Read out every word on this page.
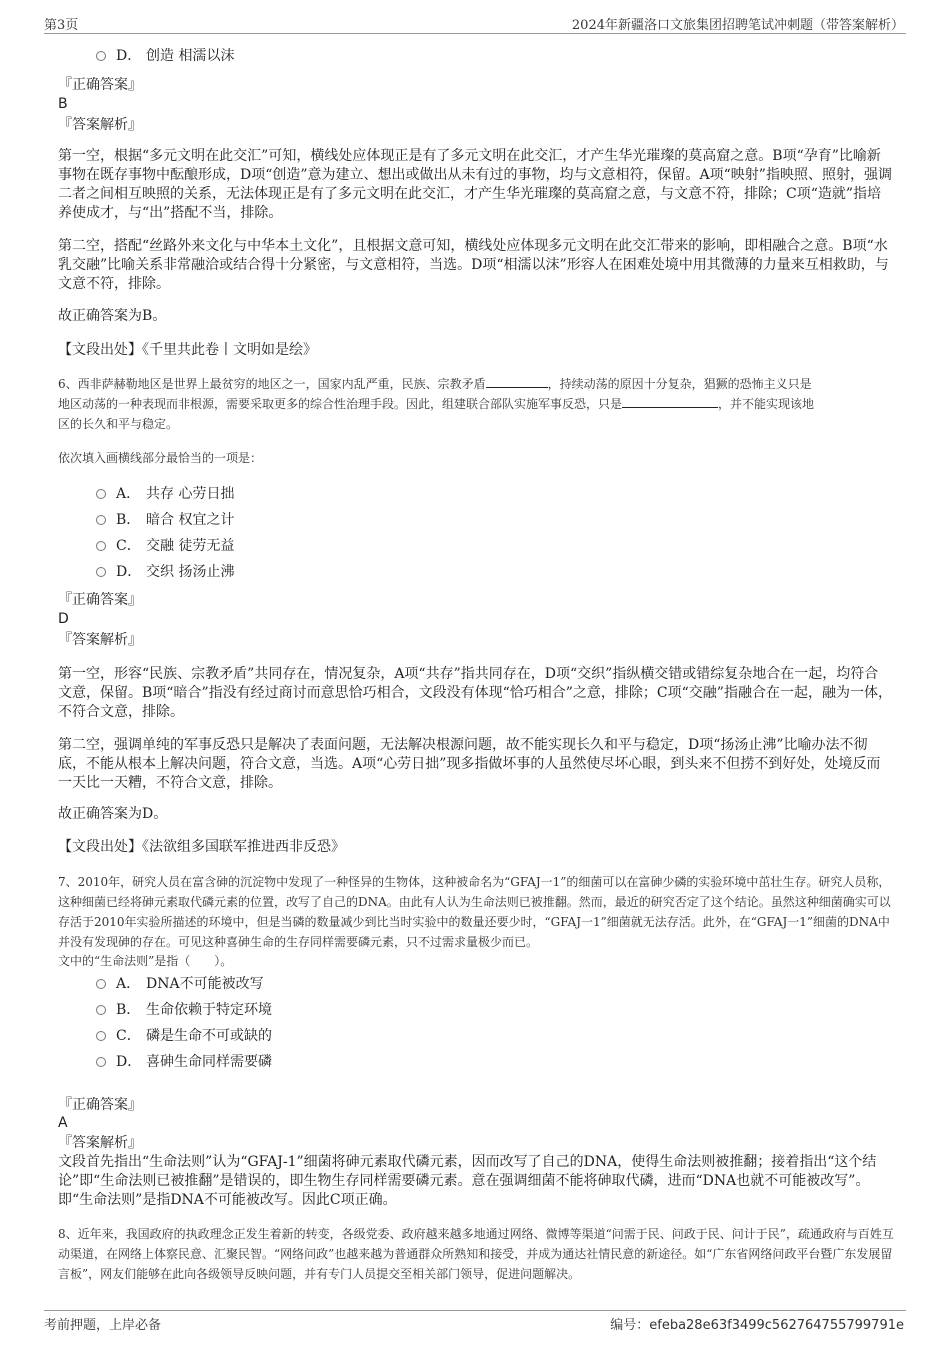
第3页	2024年新疆洛口文旅集团招聘笔试冲刺题（带答案解析）
D． 创造 相濡以沫
『正确答案』
B
『答案解析』
第一空，根据“多元文明在此交汇”可知，横线处应体现正是有了多元文明在此交汇，才产生华光璀璨的莫高窟之意。B项“孕育”比喻新事物在既存事物中酝酿形成，D项“创造”意为建立、想出或做出从未有过的事物，均与文意相符，保留。A项“映射”指映照、照射，强调二者之间相互映照的关系，无法体现正是有了多元文明在此交汇，才产生华光璀璨的莫高窟之意，与文意不符，排除；C项“造就”指培养使成才，与“出”搭配不当，排除。
第二空，搭配“丝路外来文化与中华本土文化”，且根据文意可知，横线处应体现多元文明在此交汇带来的影响，即相融合之意。B项“水乳交融”比喻关系非常融洽或结合得十分紧密，与文意相符，当选。D项“相濡以沫”形容人在困难处境中用其微薄的力量来互相救助，与文意不符，排除。
故正确答案为B。
【文段出处】《千里共此卷丨文明如是绘》
6、西非萨赫勒地区是世界上最贫穷的地区之一，国家内乱严重，民族、宗教矛盾	，持续动荡的原因十分复杂，猖獗的恐怖主义只是
地区动荡的一种表现而非根源，需要采取更多的综合性治理手段。因此，组建联合部队实施军事反恐，只是	，并不能实现该地
区的长久和平与稳定。
依次填入画横线部分最恰当的一项是：
A． 共存 心劳日拙
B． 暗合 权宜之计
C． 交融 徒劳无益
D． 交织 扬汤止沸
『正确答案』
D
『答案解析』
第一空，形容“民族、宗教矛盾”共同存在，情况复杂，A项“共存”指共同存在，D项“交织”指纵横交错或错综复杂地合在一起，均符合文意，保留。B项“暗合”指没有经过商讨而意思恰巧相合，文段没有体现“恰巧相合”之意，排除；C项“交融”指融合在一起，融为一体，不符合文意，排除。
第二空，强调单纯的军事反恐只是解决了表面问题，无法解决根源问题，故不能实现长久和平与稳定，D项“扬汤止沸”比喻办法不彻底，不能从根本上解决问题，符合文意，当选。A项“心劳日拙”现多指做坏事的人虽然使尽坏心眼，到头来不但捞不到好处，处境反而一天比一天糟，不符合文意，排除。
故正确答案为D。
【文段出处】《法欲组多国联军推进西非反恐》
7、2010年，研究人员在富含砷的沉淀物中发现了一种怪异的生物体，这种被命名为“GFAJ一1”的细菌可以在富砷少磷的实验环境中茁壮生存。研究人员称，这种细菌已经将砷元素取代磷元素的位置，改写了自己的DNA。由此有人认为生命法则已被推翻。然而，最近的研究否定了这个结论。虽然这种细菌确实可以存活于2010年实验所描述的环境中，但是当磷的数量减少到比当时实验中的数量还要少时，“GFAJ一1”细菌就无法存活。此外，在“GFAJ一1”细菌的DNA中并没有发现砷的存在。可见这种喜砷生命的生存同样需要磷元素，只不过需求量极少而已。
文中的“生命法则”是指（　　）。
A． DNA不可能被改写
B． 生命依赖于特定环境
C． 磷是生命不可或缺的
D． 喜砷生命同样需要磷
『正确答案』
A
『答案解析』
文段首先指出“生命法则”认为“GFAJ-1”细菌将砷元素取代磷元素，因而改写了自己的DNA，使得生命法则被推翻；接着指出“这个结论”即“生命法则已被推翻”是错误的，即生物生存同样需要磷元素。意在强调细菌不能将砷取代磷，进而“DNA也就不可能被改写”。即“生命法则”是指DNA不可能被改写。因此C项正确。
8、近年来，我国政府的执政理念正发生着新的转变，各级党委、政府越来越多地通过网络、微博等渠道“问需于民、问政于民、问计于民”，疏通政府与百姓互动渠道，在网络上体察民意、汇聚民智。“网络问政”也越来越为普通群众所熟知和接受，并成为通达社情民意的新途径。如“广东省网络问政平台暨广东发展留言板”，网友们能够在此向各级领导反映问题，并有专门人员提交至相关部门领导，促进问题解决。
考前押题，上岸必备	编号：efeba28e63f3499c562764755799791e
